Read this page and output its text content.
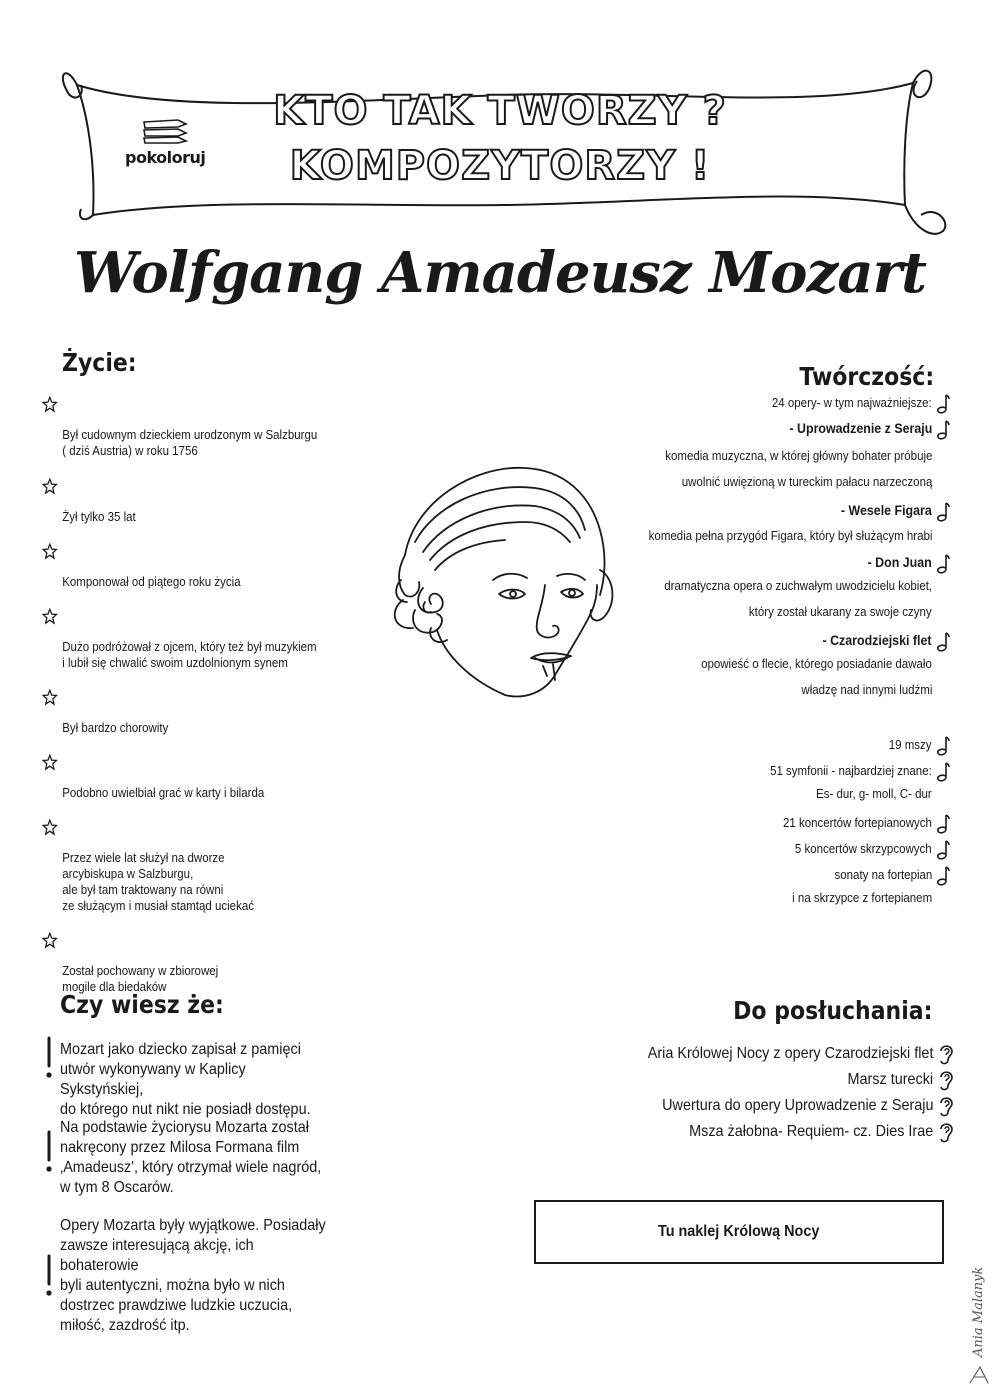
pokoloruj
KTO TAK TWORZY ?
KOMPOZYTORZY !
Wolfgang Amadeusz Mozart
Życie:

Był cudownym dzieckiem urodzonym w Salzburgu
( dziś Austria) w roku 1756

Żył tylko 35 lat

Komponował od piątego roku życia

Dużo podróżował z ojcem, który też był muzykiem
i lubił się chwalić swoim uzdolnionym synem

Był bardzo chorowity

Podobno uwielbiał grać w karty i bilarda

Przez wiele lat służył na dworze
arcybiskupa w Salzburgu,
ale był tam traktowany na równi
ze służącym i musiał stamtąd uciekać

Został pochowany w zbiorowej
mogile dla biedaków

Twórczość:
24 opery- w tym najważniejsze:
- Uprowadzenie z Seraju
komedia muzyczna, w której główny bohater próbuje
uwolnić uwięzioną w tureckim pałacu narzeczoną
- Wesele Figara
komedia pełna przygód Figara, który był służącym hrabi
- Don Juan
dramatyczna opera o zuchwałym uwodzicielu kobiet,
który został ukarany za swoje czyny
- Czarodziejski flet
opowieść o flecie, którego posiadanie dawało
władzę nad innymi ludźmi
19 mszy
51 symfonii - najbardziej znane:
Es- dur, g- moll, C- dur
21 koncertów fortepianowych
5 koncertów skrzypcowych
sonaty na fortepian
i na skrzypce z fortepianem
Czy wiesz że:
Mozart jako dziecko zapisał z pamięci
utwór wykonywany w Kaplicy Sykstyńskiej,
do którego nut nikt nie posiadł dostępu.
Na podstawie życiorysu Mozarta został
nakręcony przez Milosa Formana film
‚Amadeusz', który otrzymał wiele nagród,
w tym 8 Oscarów.
Opery Mozarta były wyjątkowe. Posiadały
zawsze interesującą akcję, ich bohaterowie
byli autentyczni, można było w nich
dostrzec prawdziwe ludzkie uczucia,
miłość, zazdrość itp.
Do posłuchania:
Aria Królowej Nocy z opery Czarodziejski flet
Marsz turecki
Uwertura do opery Uprowadzenie z Seraju
Msza żałobna- Requiem- cz. Dies Irae
Tu naklej Królową Nocy
Ania Malanyk
